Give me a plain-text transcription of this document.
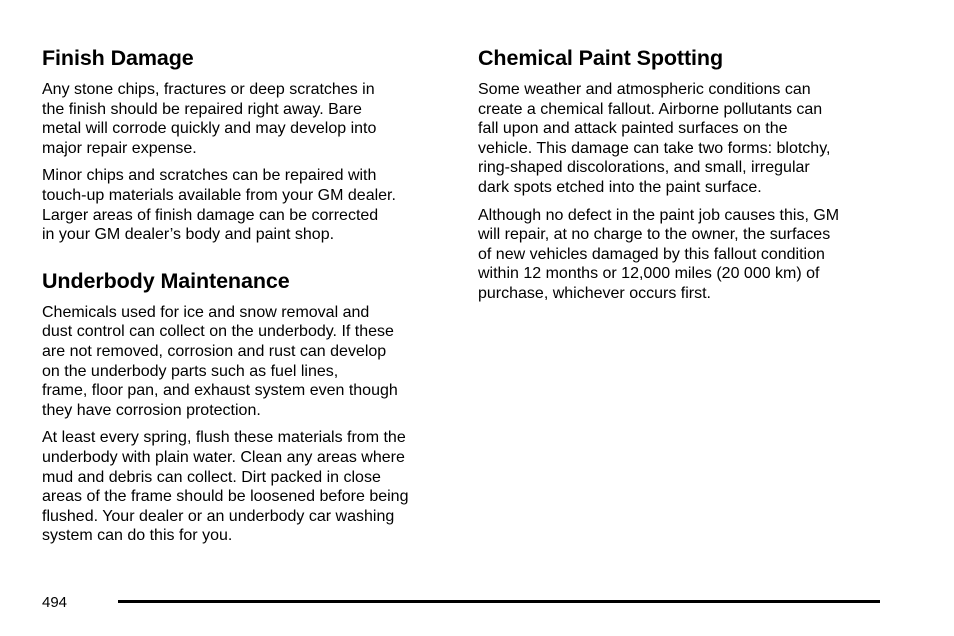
Finish Damage

Any stone chips, fractures or deep scratches in
the finish should be repaired right away. Bare
metal will corrode quickly and may develop into
major repair expense.

Minor chips and scratches can be repaired with
touch-up materials available from your GM dealer.
Larger areas of finish damage can be corrected
in your GM dealer’s body and paint shop.

Underbody Maintenance

Chemicals used for ice and snow removal and
dust control can collect on the underbody. If these
are not removed, corrosion and rust can develop
on the underbody parts such as fuel lines,
frame, floor pan, and exhaust system even though
they have corrosion protection.

At least every spring, flush these materials from the
underbody with plain water. Clean any areas where
mud and debris can collect. Dirt packed in close
areas of the frame should be loosened before being
flushed. Your dealer or an underbody car washing
system can do this for you.

Chemical Paint Spotting

Some weather and atmospheric conditions can
create a chemical fallout. Airborne pollutants can
fall upon and attack painted surfaces on the
vehicle. This damage can take two forms: blotchy,
ring-shaped discolorations, and small, irregular
dark spots etched into the paint surface.

Although no defect in the paint job causes this, GM
will repair, at no charge to the owner, the surfaces
of new vehicles damaged by this fallout condition
within 12 months or 12,000 miles (20 000 km) of
purchase, whichever occurs first.

494
